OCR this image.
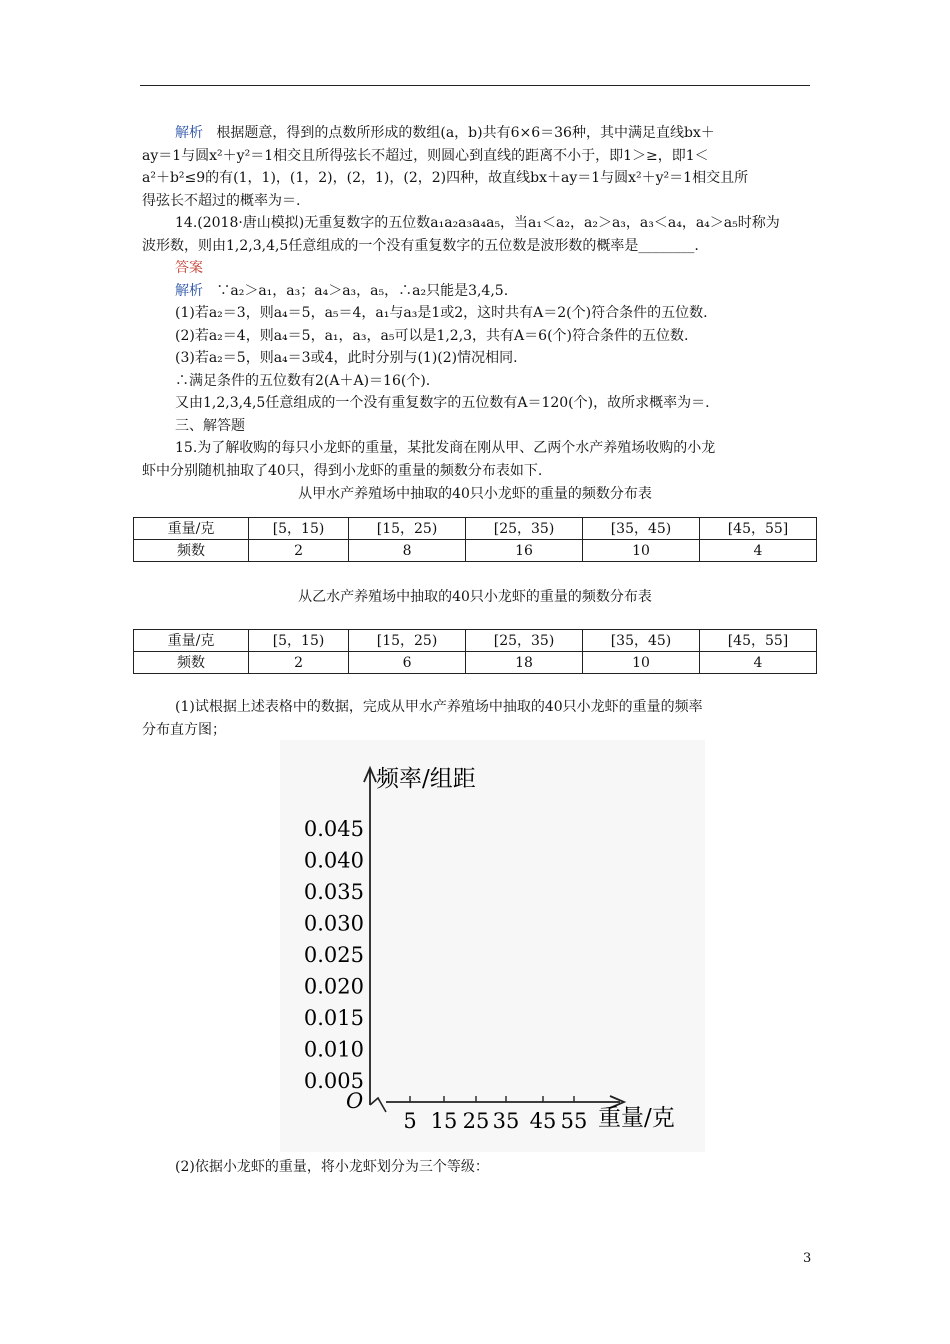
解析 根据题意，得到的点数所形成的数组(a，b)共有6×6＝36种，其中满足直线bx＋
ay＝1与圆x²＋y²＝1相交且所得弦长不超过，则圆心到直线的距离不小于，即1＞≥，即1＜
a²＋b²≤9的有(1，1)，(1，2)，(2，1)，(2，2)四种，故直线bx＋ay＝1与圆x²＋y²＝1相交且所
得弦长不超过的概率为＝.
14.(2018·唐山模拟)无重复数字的五位数a₁a₂a₃a₄a₅，当a₁＜a₂，a₂＞a₃，a₃＜a₄，a₄＞a₅时称为
波形数，则由1,2,3,4,5任意组成的一个没有重复数字的五位数是波形数的概率是________.
答案
解析 ∵a₂＞a₁，a₃；a₄＞a₃，a₅，∴a₂只能是3,4,5.
(1)若a₂＝3，则a₄＝5，a₅＝4，a₁与a₃是1或2，这时共有A＝2(个)符合条件的五位数.
(2)若a₂＝4，则a₄＝5，a₁，a₃，a₅可以是1,2,3，共有A＝6(个)符合条件的五位数.
(3)若a₂＝5，则a₄＝3或4，此时分别与(1)(2)情况相同.
∴满足条件的五位数有2(A＋A)＝16(个).
又由1,2,3,4,5任意组成的一个没有重复数字的五位数有A＝120(个)，故所求概率为＝.
三、解答题
15.为了解收购的每只小龙虾的重量，某批发商在刚从甲、乙两个水产养殖场收购的小龙
虾中分别随机抽取了40只，得到小龙虾的重量的频数分布表如下.
从甲水产养殖场中抽取的40只小龙虾的重量的频数分布表
重量/克	[5，15)	[15，25)	[25，35)	[35，45)	[45，55]
频数	2	8	16	10	4
从乙水产养殖场中抽取的40只小龙虾的重量的频数分布表
重量/克	[5，15)	[15，25)	[25，35)	[35，45)	[45，55]
频数	2	6	18	10	4
(1)试根据上述表格中的数据，完成从甲水产养殖场中抽取的40只小龙虾的重量的频率
分布直方图；
频率/组距
重量/克
O
0.005
0.010
0.015
0.020
0.025
0.030
0.035
0.040
0.045
5 15 25 35 45 55
(2)依据小龙虾的重量，将小龙虾划分为三个等级：
3
